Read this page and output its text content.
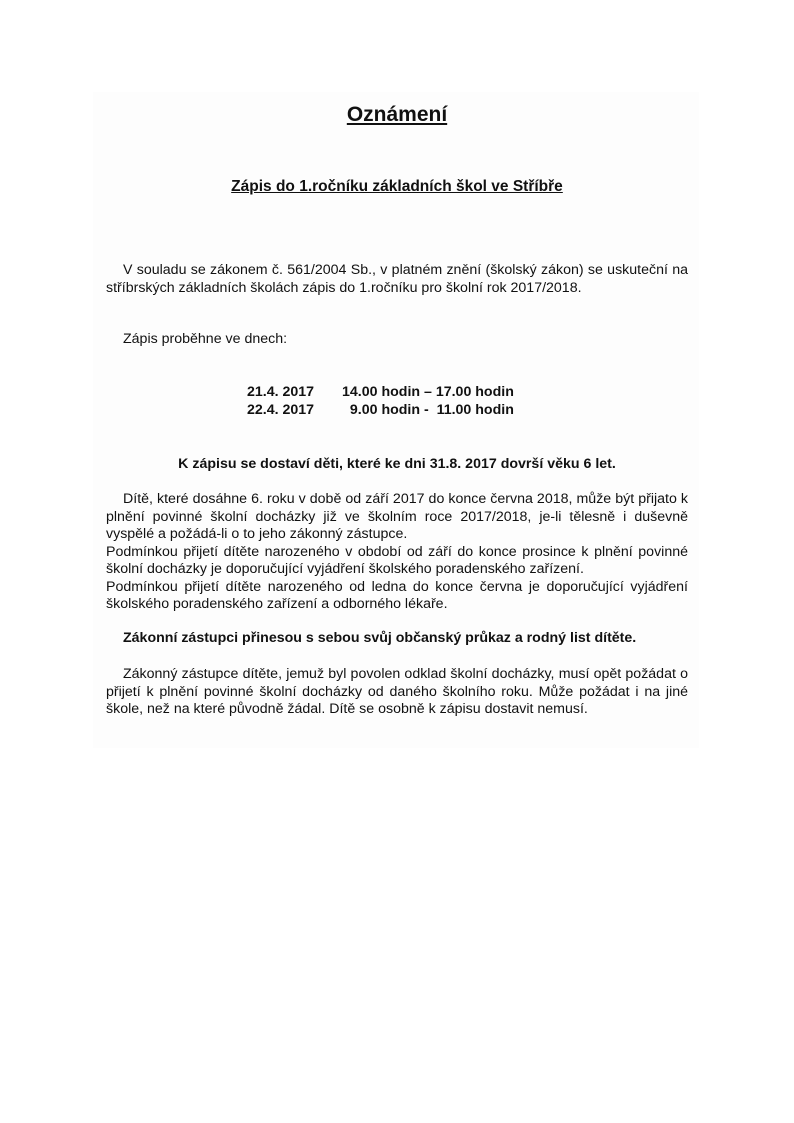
Oznámení
Zápis do 1.ročníku základních škol ve Stříbře

V souladu se zákonem č. 561/2004 Sb., v platném znění (školský zákon) se uskuteční na stříbrských základních školách zápis do 1.ročníku pro školní rok 2017/2018.

Zápis proběhne ve dnech:

21.4. 2017	14.00 hodin – 17.00 hodin
22.4. 2017	9.00 hodin -  11.00 hodin
K zápisu se dostaví děti, které ke dni 31.8. 2017 dovrší věku 6 let.

Dítě, které dosáhne 6. roku v době od září 2017 do konce června 2018, může být přijato k plnění povinné školní docházky již ve školním roce 2017/2018, je-li tělesně i duševně vyspělé a požádá-li o to jeho zákonný zástupce.

Podmínkou přijetí dítěte narozeného v období od září do konce prosince k plnění povinné školní docházky je doporučující vyjádření školského poradenského zařízení.

Podmínkou přijetí dítěte narozeného od ledna do konce června je doporučující vyjádření školského poradenského zařízení a odborného lékaře.

Zákonní zástupci přinesou s sebou svůj občanský průkaz a rodný list dítěte.

Zákonný zástupce dítěte, jemuž byl povolen odklad školní docházky, musí opět požádat o přijetí k plnění povinné školní docházky od daného školního roku. Může požádat i na jiné škole, než na které původně žádal. Dítě se osobně k zápisu dostavit nemusí.
